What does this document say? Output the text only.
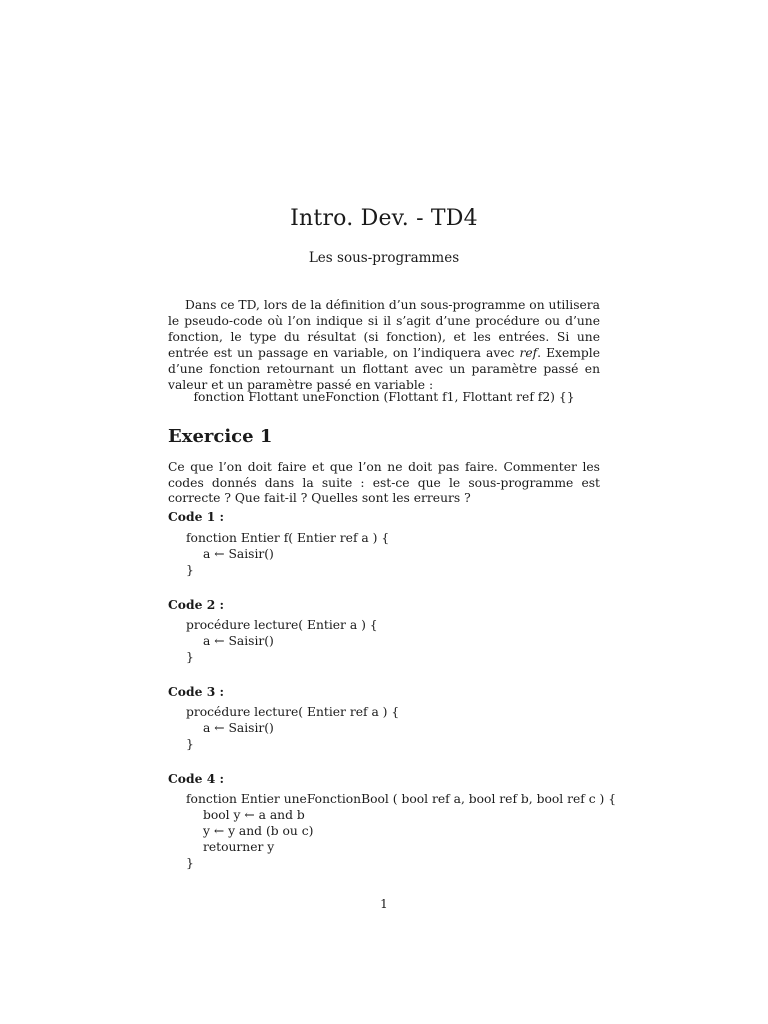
Intro. Dev. - TD4
Les sous-programmes

Dans ce TD, lors de la définition d’un sous-programme on utilisera le pseudo-code où l’on indique si il s’agit d’une procédure ou d’une fonction, le type du résultat (si fonction), et les entrées. Si une entrée est un passage en variable, on l’indiquera avec ref. Exemple d’une fonction retournant un flottant avec un paramètre passé en valeur et un paramètre passé en variable :

fonction Flottant uneFonction (Flottant f1, Flottant ref f2) {}

Exercice 1

Ce que l’on doit faire et que l’on ne doit pas faire. Commenter les codes donnés dans la suite : est-ce que le sous-programme est correcte ? Que fait-il ? Quelles sont les erreurs ?

Code 1 :
fonction Entier f( Entier ref a ) {
a ← Saisir()
}
Code 2 :
procédure lecture( Entier a ) {
a ← Saisir()
}
Code 3 :
procédure lecture( Entier ref a ) {
a ← Saisir()
}
Code 4 :
fonction Entier uneFonctionBool ( bool ref a, bool ref b, bool ref c ) {
bool y ← a and b
y ← y and (b ou c)
retourner y
}
1
